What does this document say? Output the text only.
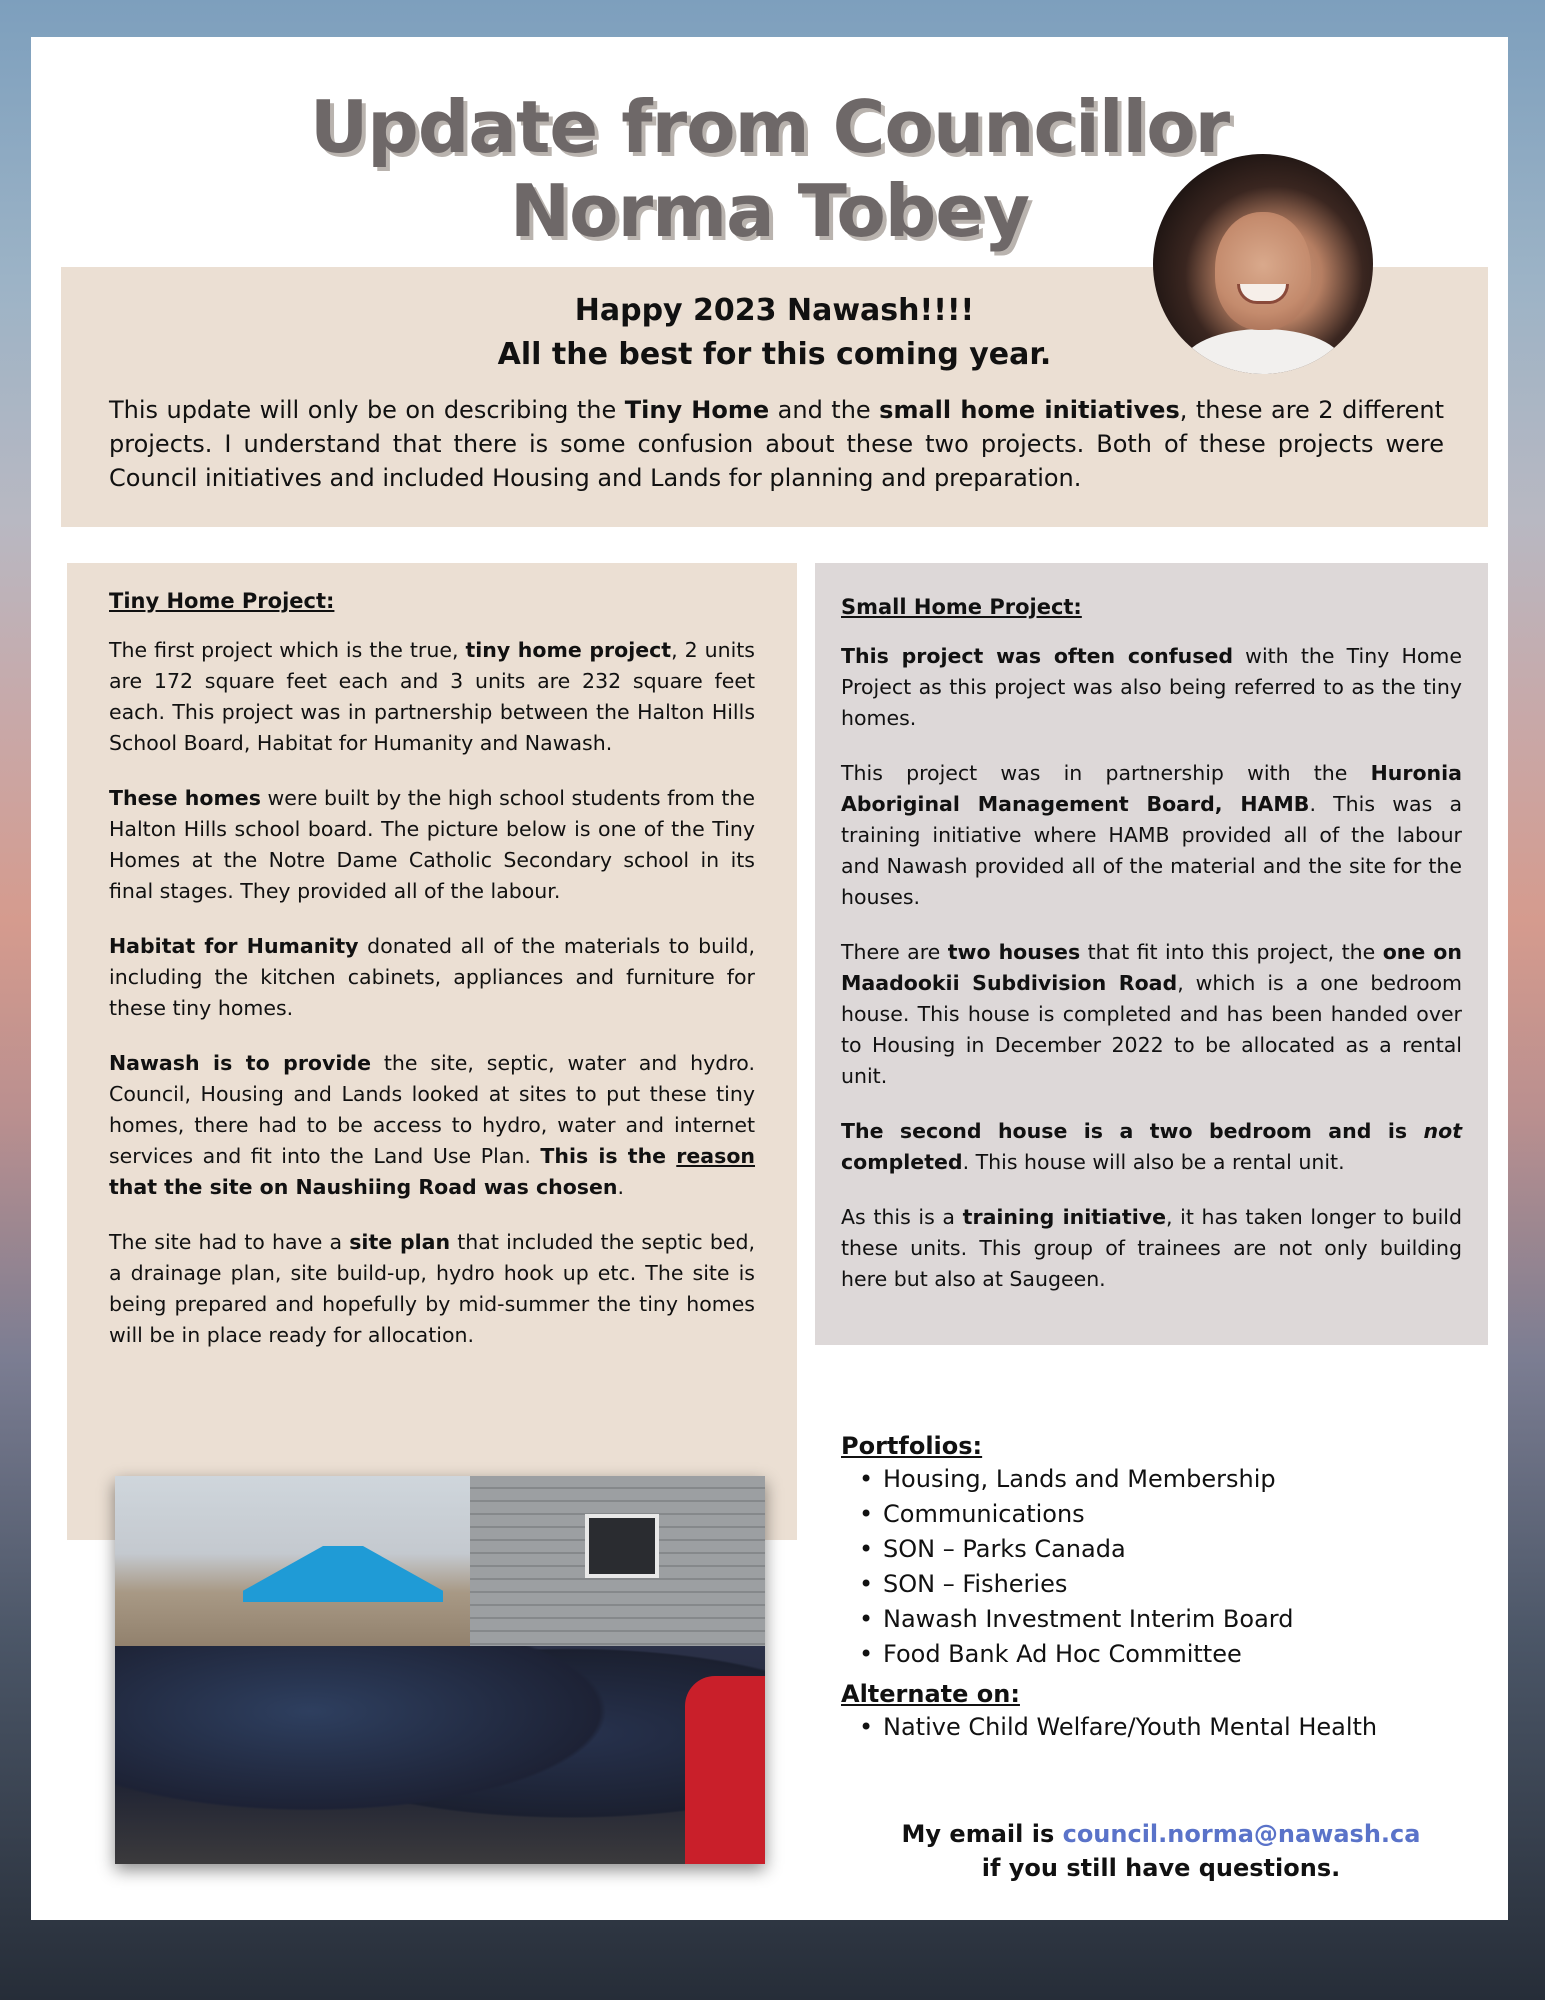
Update from Councillor
Norma Tobey
Happy 2023 Nawash!!!!
All the best for this coming year.

This update will only be on describing the Tiny Home and the small home initiatives, these are 2 different projects. I understand that there is some confusion about these two projects. Both of these projects were Council initiatives and included Housing and Lands for planning and preparation.

Tiny Home Project:

The first project which is the true, tiny home project, 2 units are 172 square feet each and 3 units are 232 square feet each. This project was in partnership between the Halton Hills School Board, Habitat for Humanity and Nawash.

These homes were built by the high school students from the Halton Hills school board. The picture below is one of the Tiny Homes at the Notre Dame Catholic Secondary school in its final stages. They provided all of the labour.

Habitat for Humanity donated all of the materials to build, including the kitchen cabinets, appliances and furniture for these tiny homes.

Nawash is to provide the site, septic, water and hydro. Council, Housing and Lands looked at sites to put these tiny homes, there had to be access to hydro, water and internet services and fit into the Land Use Plan. This is the reason that the site on Naushiing Road was chosen.

The site had to have a site plan that included the septic bed, a drainage plan, site build-up, hydro hook up etc. The site is being prepared and hopefully by mid-summer the tiny homes will be in place ready for allocation.

Small Home Project:

This project was often confused with the Tiny Home Project as this project was also being referred to as the tiny homes.

This project was in partnership with the Huronia Aboriginal Management Board, HAMB. This was a training initiative where HAMB provided all of the labour and Nawash provided all of the material and the site for the houses.

There are two houses that fit into this project, the one on Maadookii Subdivision Road, which is a one bedroom house. This house is completed and has been handed over to Housing in December 2022 to be allocated as a rental unit.

The second house is a two bedroom and is not completed. This house will also be a rental unit.

As this is a training initiative, it has taken longer to build these units. This group of trainees are not only building here but also at Saugeen.

Portfolios:
• Housing, Lands and Membership
• Communications
• SON – Parks Canada
• SON – Fisheries
• Nawash Investment Interim Board
• Food Bank Ad Hoc Committee
Alternate on:
• Native Child Welfare/Youth Mental Health
My email is council.norma@nawash.ca
if you still have questions.
